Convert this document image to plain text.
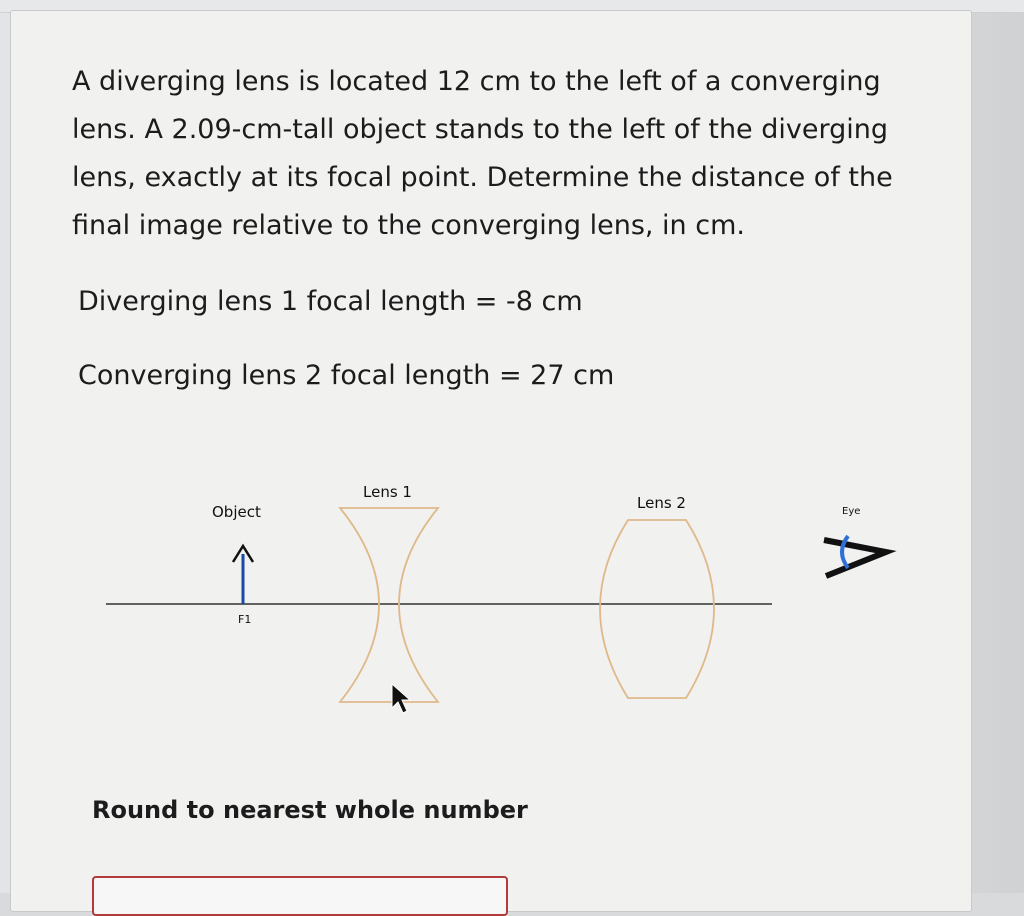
A diverging lens is located 12 cm to the left of a converging lens. A 2.09-cm-tall object stands to the left of the diverging lens, exactly at its focal point. Determine the distance of the final image relative to the converging lens, in cm.

Diverging lens 1 focal length = -8 cm

Converging lens 2 focal length = 27 cm

Object
Lens 1
Lens 2	Eye
F1

Round to nearest whole number
